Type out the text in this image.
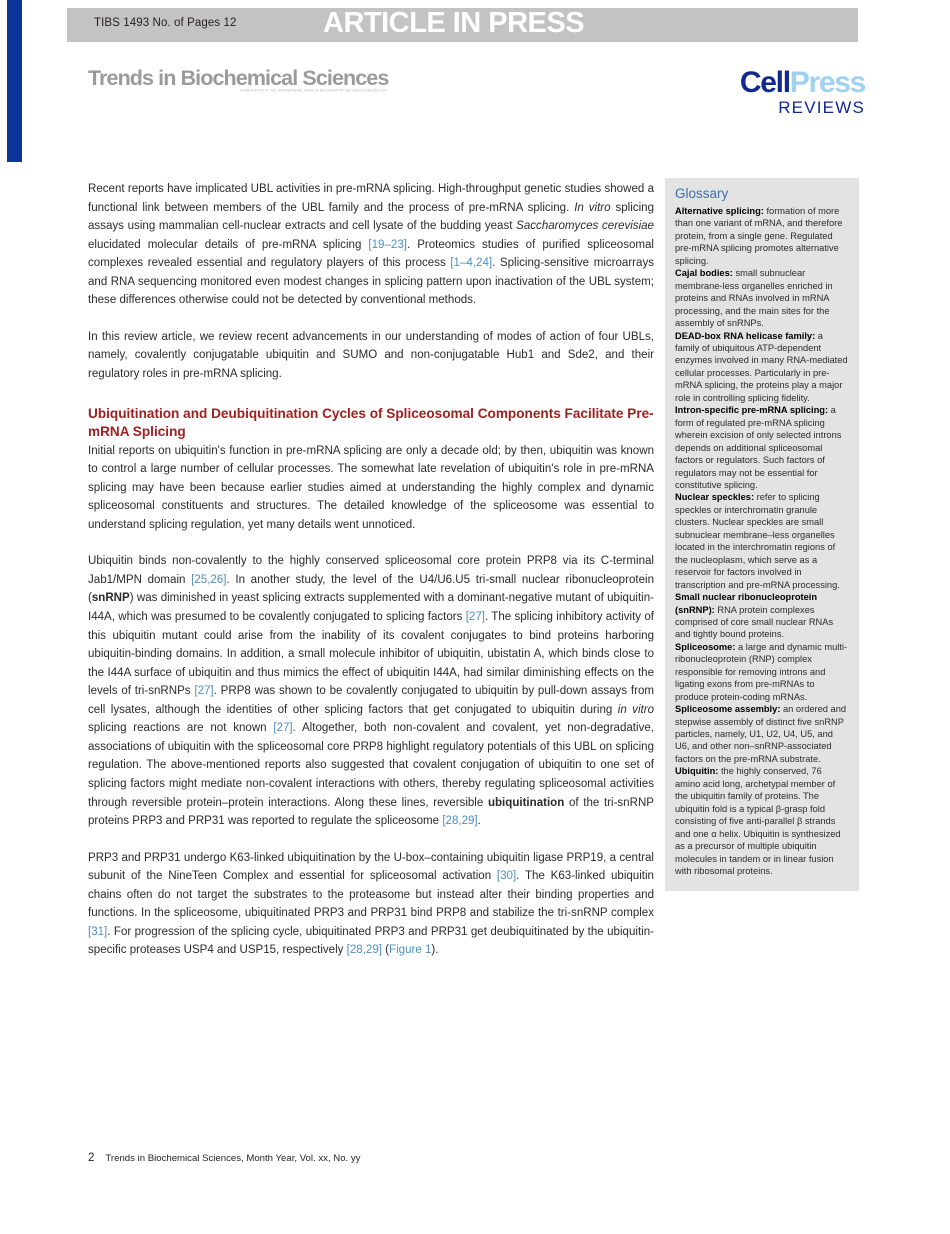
TIBS 1493 No. of Pages 12	ARTICLE IN PRESS
Trends in Biochemical Sciences
A PUBLICATION OF THE INTERNATIONAL UNION OF BIOCHEMISTRY AND MOLECULAR BIOLOGY	CellPress
REVIEWS

Recent reports have implicated UBL activities in pre-mRNA splicing. High-throughput genetic studies showed a functional link between members of the UBL family and the process of pre-mRNA splicing. In vitro splicing assays using mammalian cell-nuclear extracts and cell lysate of the budding yeast Saccharomyces cerevisiae elucidated molecular details of pre-mRNA splicing [19–23]. Proteomics studies of purified spliceosomal complexes revealed essential and regulatory players of this process [1–4,24]. Splicing-sensitive microarrays and RNA sequencing monitored even modest changes in splicing pattern upon inactivation of the UBL system; these differences otherwise could not be detected by conventional methods.

In this review article, we review recent advancements in our understanding of modes of action of four UBLs, namely, covalently conjugatable ubiquitin and SUMO and non-conjugatable Hub1 and Sde2, and their regulatory roles in pre-mRNA splicing.

Ubiquitination and Deubiquitination Cycles of Spliceosomal Components Facilitate Pre-mRNA Splicing

Initial reports on ubiquitin's function in pre-mRNA splicing are only a decade old; by then, ubiquitin was known to control a large number of cellular processes. The somewhat late revelation of ubiquitin's role in pre-mRNA splicing may have been because earlier studies aimed at understanding the highly complex and dynamic spliceosomal constituents and structures. The detailed knowledge of the spliceosome was essential to understand splicing regulation, yet many details went unnoticed.

Ubiquitin binds non-covalently to the highly conserved spliceosomal core protein PRP8 via its C-terminal Jab1/MPN domain [25,26]. In another study, the level of the U4/U6.U5 tri-small nuclear ribonucleoprotein (snRNP) was diminished in yeast splicing extracts supplemented with a dominant-negative mutant of ubiquitin-I44A, which was presumed to be covalently conjugated to splicing factors [27]. The splicing inhibitory activity of this ubiquitin mutant could arise from the inability of its covalent conjugates to bind proteins harboring ubiquitin-binding domains. In addition, a small molecule inhibitor of ubiquitin, ubistatin A, which binds close to the I44A surface of ubiquitin and thus mimics the effect of ubiquitin I44A, had similar diminishing effects on the levels of tri-snRNPs [27]. PRP8 was shown to be covalently conjugated to ubiquitin by pull-down assays from cell lysates, although the identities of other splicing factors that get conjugated to ubiquitin during in vitro splicing reactions are not known [27]. Altogether, both non-covalent and covalent, yet non-degradative, associations of ubiquitin with the spliceosomal core PRP8 highlight regulatory potentials of this UBL on splicing regulation. The above-mentioned reports also suggested that covalent conjugation of ubiquitin to one set of splicing factors might mediate non-covalent interactions with others, thereby regulating spliceosomal activities through reversible protein–protein interactions. Along these lines, reversible ubiquitination of the tri-snRNP proteins PRP3 and PRP31 was reported to regulate the spliceosome [28,29].

PRP3 and PRP31 undergo K63-linked ubiquitination by the U-box–containing ubiquitin ligase PRP19, a central subunit of the NineTeen Complex and essential for spliceosomal activation [30]. The K63-linked ubiquitin chains often do not target the substrates to the proteasome but instead alter their binding properties and functions. In the spliceosome, ubiquitinated PRP3 and PRP31 bind PRP8 and stabilize the tri-snRNP complex [31]. For progression of the splicing cycle, ubiquitinated PRP3 and PRP31 get deubiquitinated by the ubiquitin-specific proteases USP4 and USP15, respectively [28,29] (Figure 1).

Glossary
Alternative splicing: formation of more than one variant of mRNA, and therefore protein, from a single gene. Regulated pre-mRNA splicing promotes alternative splicing.
Cajal bodies: small subnuclear membrane-less organelles enriched in proteins and RNAs involved in mRNA processing, and the main sites for the assembly of snRNPs.
DEAD-box RNA helicase family: a family of ubiquitous ATP-dependent enzymes involved in many RNA-mediated cellular processes. Particularly in pre-mRNA splicing, the proteins play a major role in controlling splicing fidelity.
Intron-specific pre-mRNA splicing: a form of regulated pre-mRNA splicing wherein excision of only selected introns depends on additional spliceosomal factors or regulators. Such factors of regulators may not be essential for constitutive splicing.
Nuclear speckles: refer to splicing speckles or interchromatin granule clusters. Nuclear speckles are small subnuclear membrane–less organelles located in the interchromatin regions of the nucleoplasm, which serve as a reservoir for factors involved in transcription and pre-mRNA processing.
Small nuclear ribonucleoprotein (snRNP): RNA protein complexes comprised of core small nuclear RNAs and tightly bound proteins.
Spliceosome: a large and dynamic multi-ribonucleoprotein (RNP) complex responsible for removing introns and ligating exons from pre-mRNAs to produce protein-coding mRNAs.
Spliceosome assembly: an ordered and stepwise assembly of distinct five snRNP particles, namely, U1, U2, U4, U5, and U6, and other non–snRNP-associated factors on the pre-mRNA substrate.
Ubiquitin: the highly conserved, 76 amino acid long, archetypal member of the ubiquitin family of proteins. The ubiquitin fold is a typical β-grasp fold consisting of five anti-parallel β strands and one α helix. Ubiquitin is synthesized as a precursor of multiple ubiquitin molecules in tandem or in linear fusion with ribosomal proteins.
2 Trends in Biochemical Sciences, Month Year, Vol. xx, No. yy
